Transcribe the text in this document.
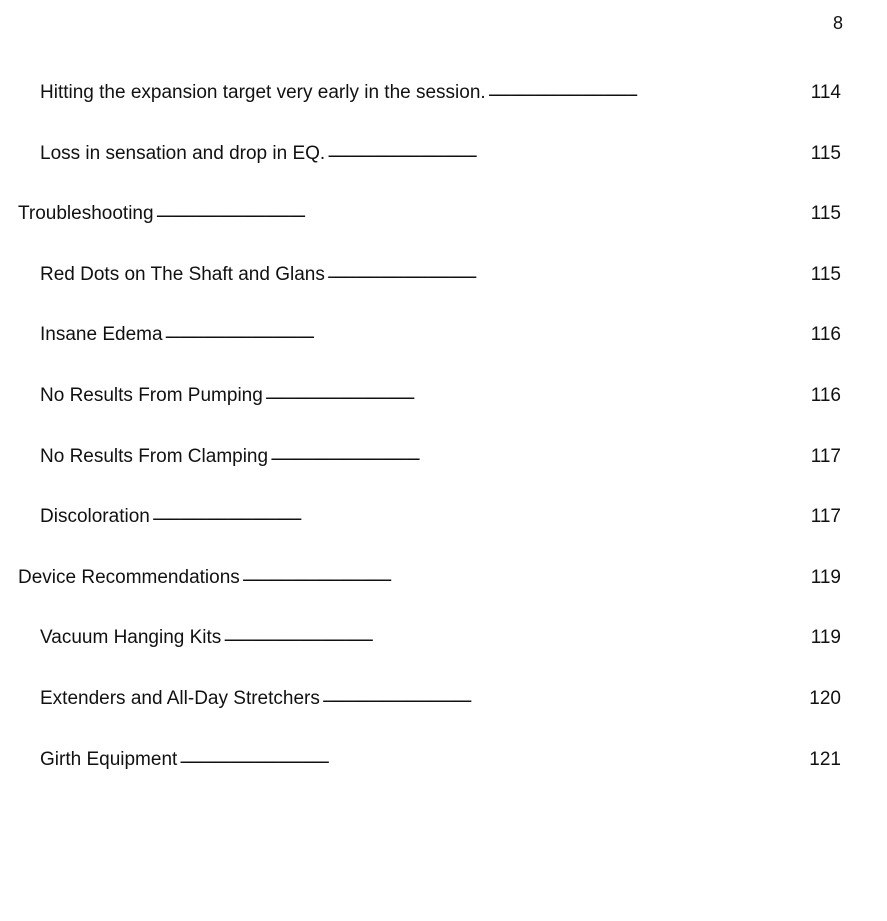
8
Hitting the expansion target very early in the session. . . .	114
Loss in sensation and drop in EQ. . . .	115
Troubleshooting . . .	115
Red Dots on The Shaft and Glans . . .	115
Insane Edema . . .	116
No Results From Pumping . . .	116
No Results From Clamping . . .	117
Discoloration . . .	117
Device Recommendations . . .	119
Vacuum Hanging Kits . . .	119
Extenders and All-Day Stretchers . . .	120
Girth Equipment . . .	121
